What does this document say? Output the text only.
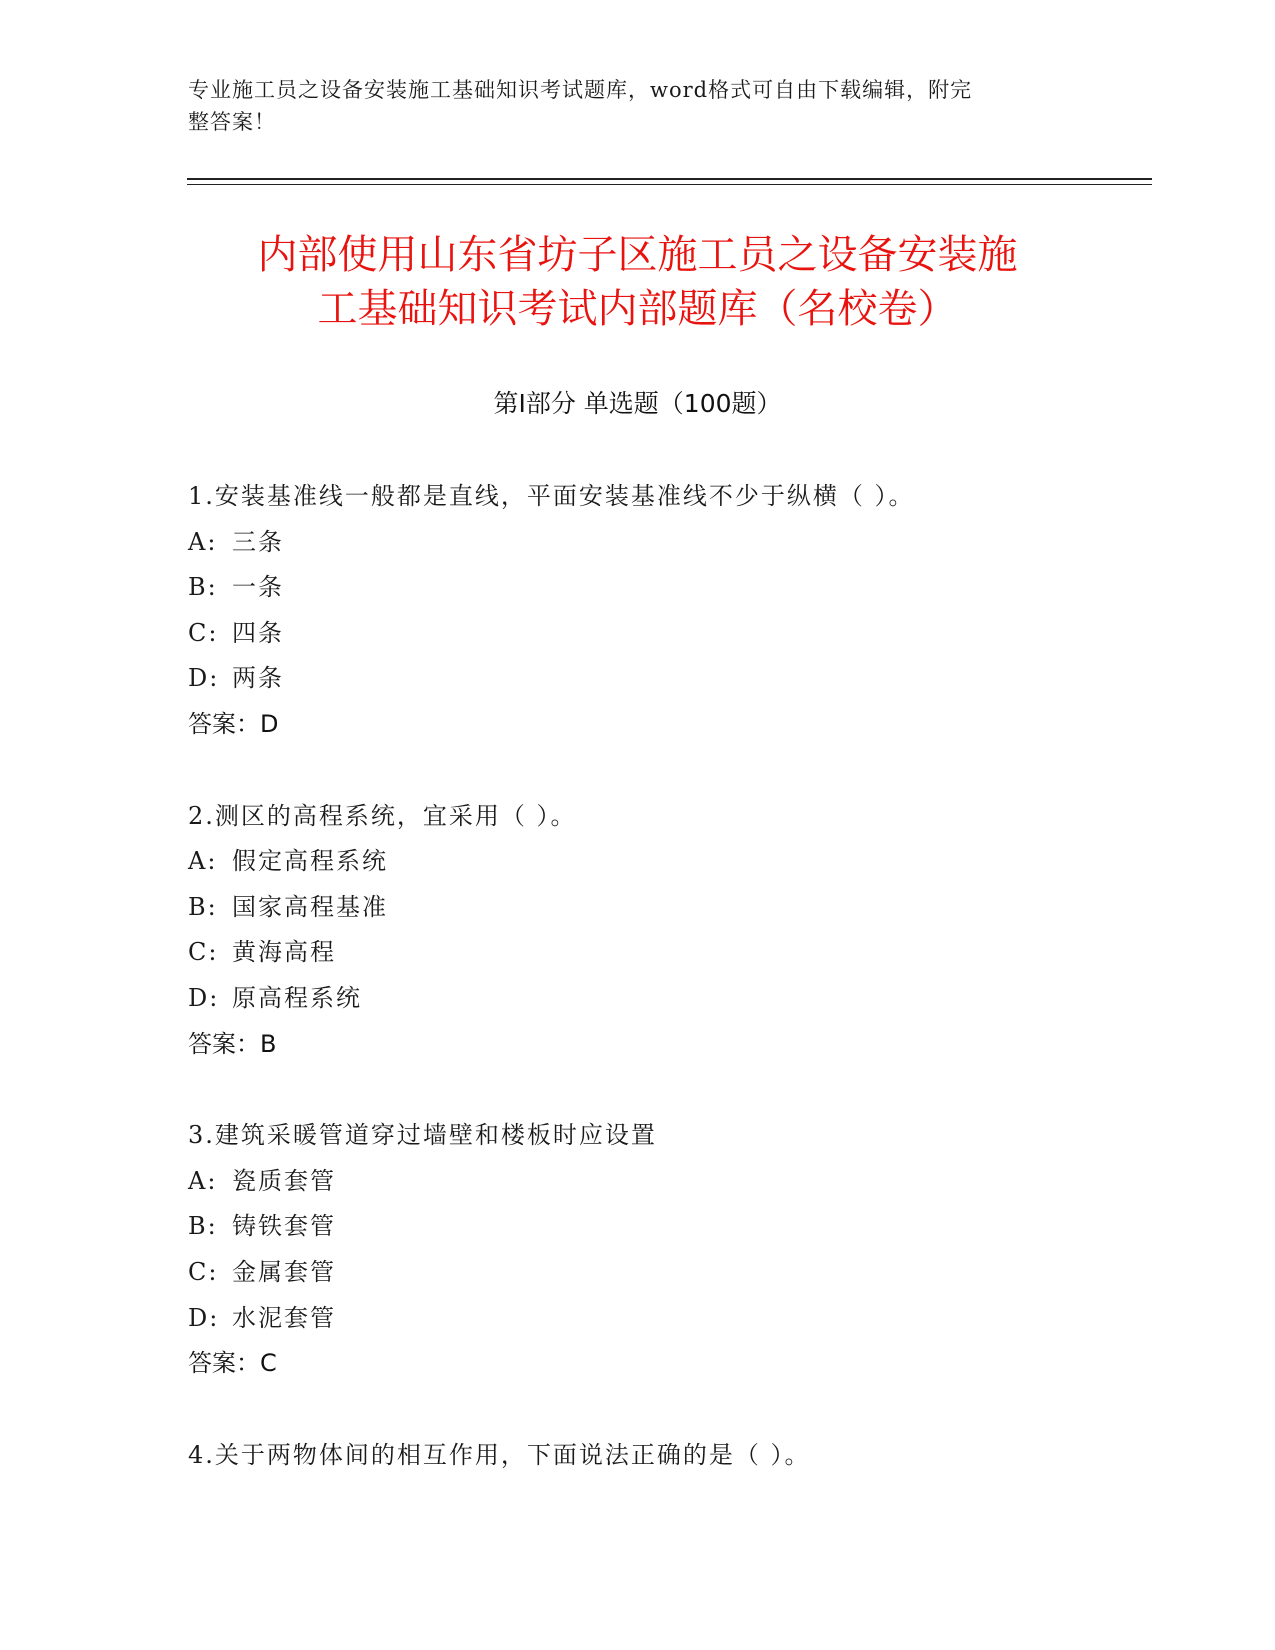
专业施工员之设备安装施工基础知识考试题库，word格式可自由下载编辑，附完
整答案！
内部使用山东省坊子区施工员之设备安装施
工基础知识考试内部题库（名校卷）
第Ⅰ部分 单选题（100题）
1.安装基准线一般都是直线，平面安装基准线不少于纵横（ ）。
A: 三条
B: 一条
C: 四条
D: 两条
答案：D
2.测区的高程系统，宜采用（ ）。
A: 假定高程系统
B: 国家高程基准
C: 黄海高程
D: 原高程系统
答案：B
3.建筑采暖管道穿过墙壁和楼板时应设置
A: 瓷质套管
B: 铸铁套管
C: 金属套管
D: 水泥套管
答案：C
4.关于两物体间的相互作用，下面说法正确的是（ ）。
